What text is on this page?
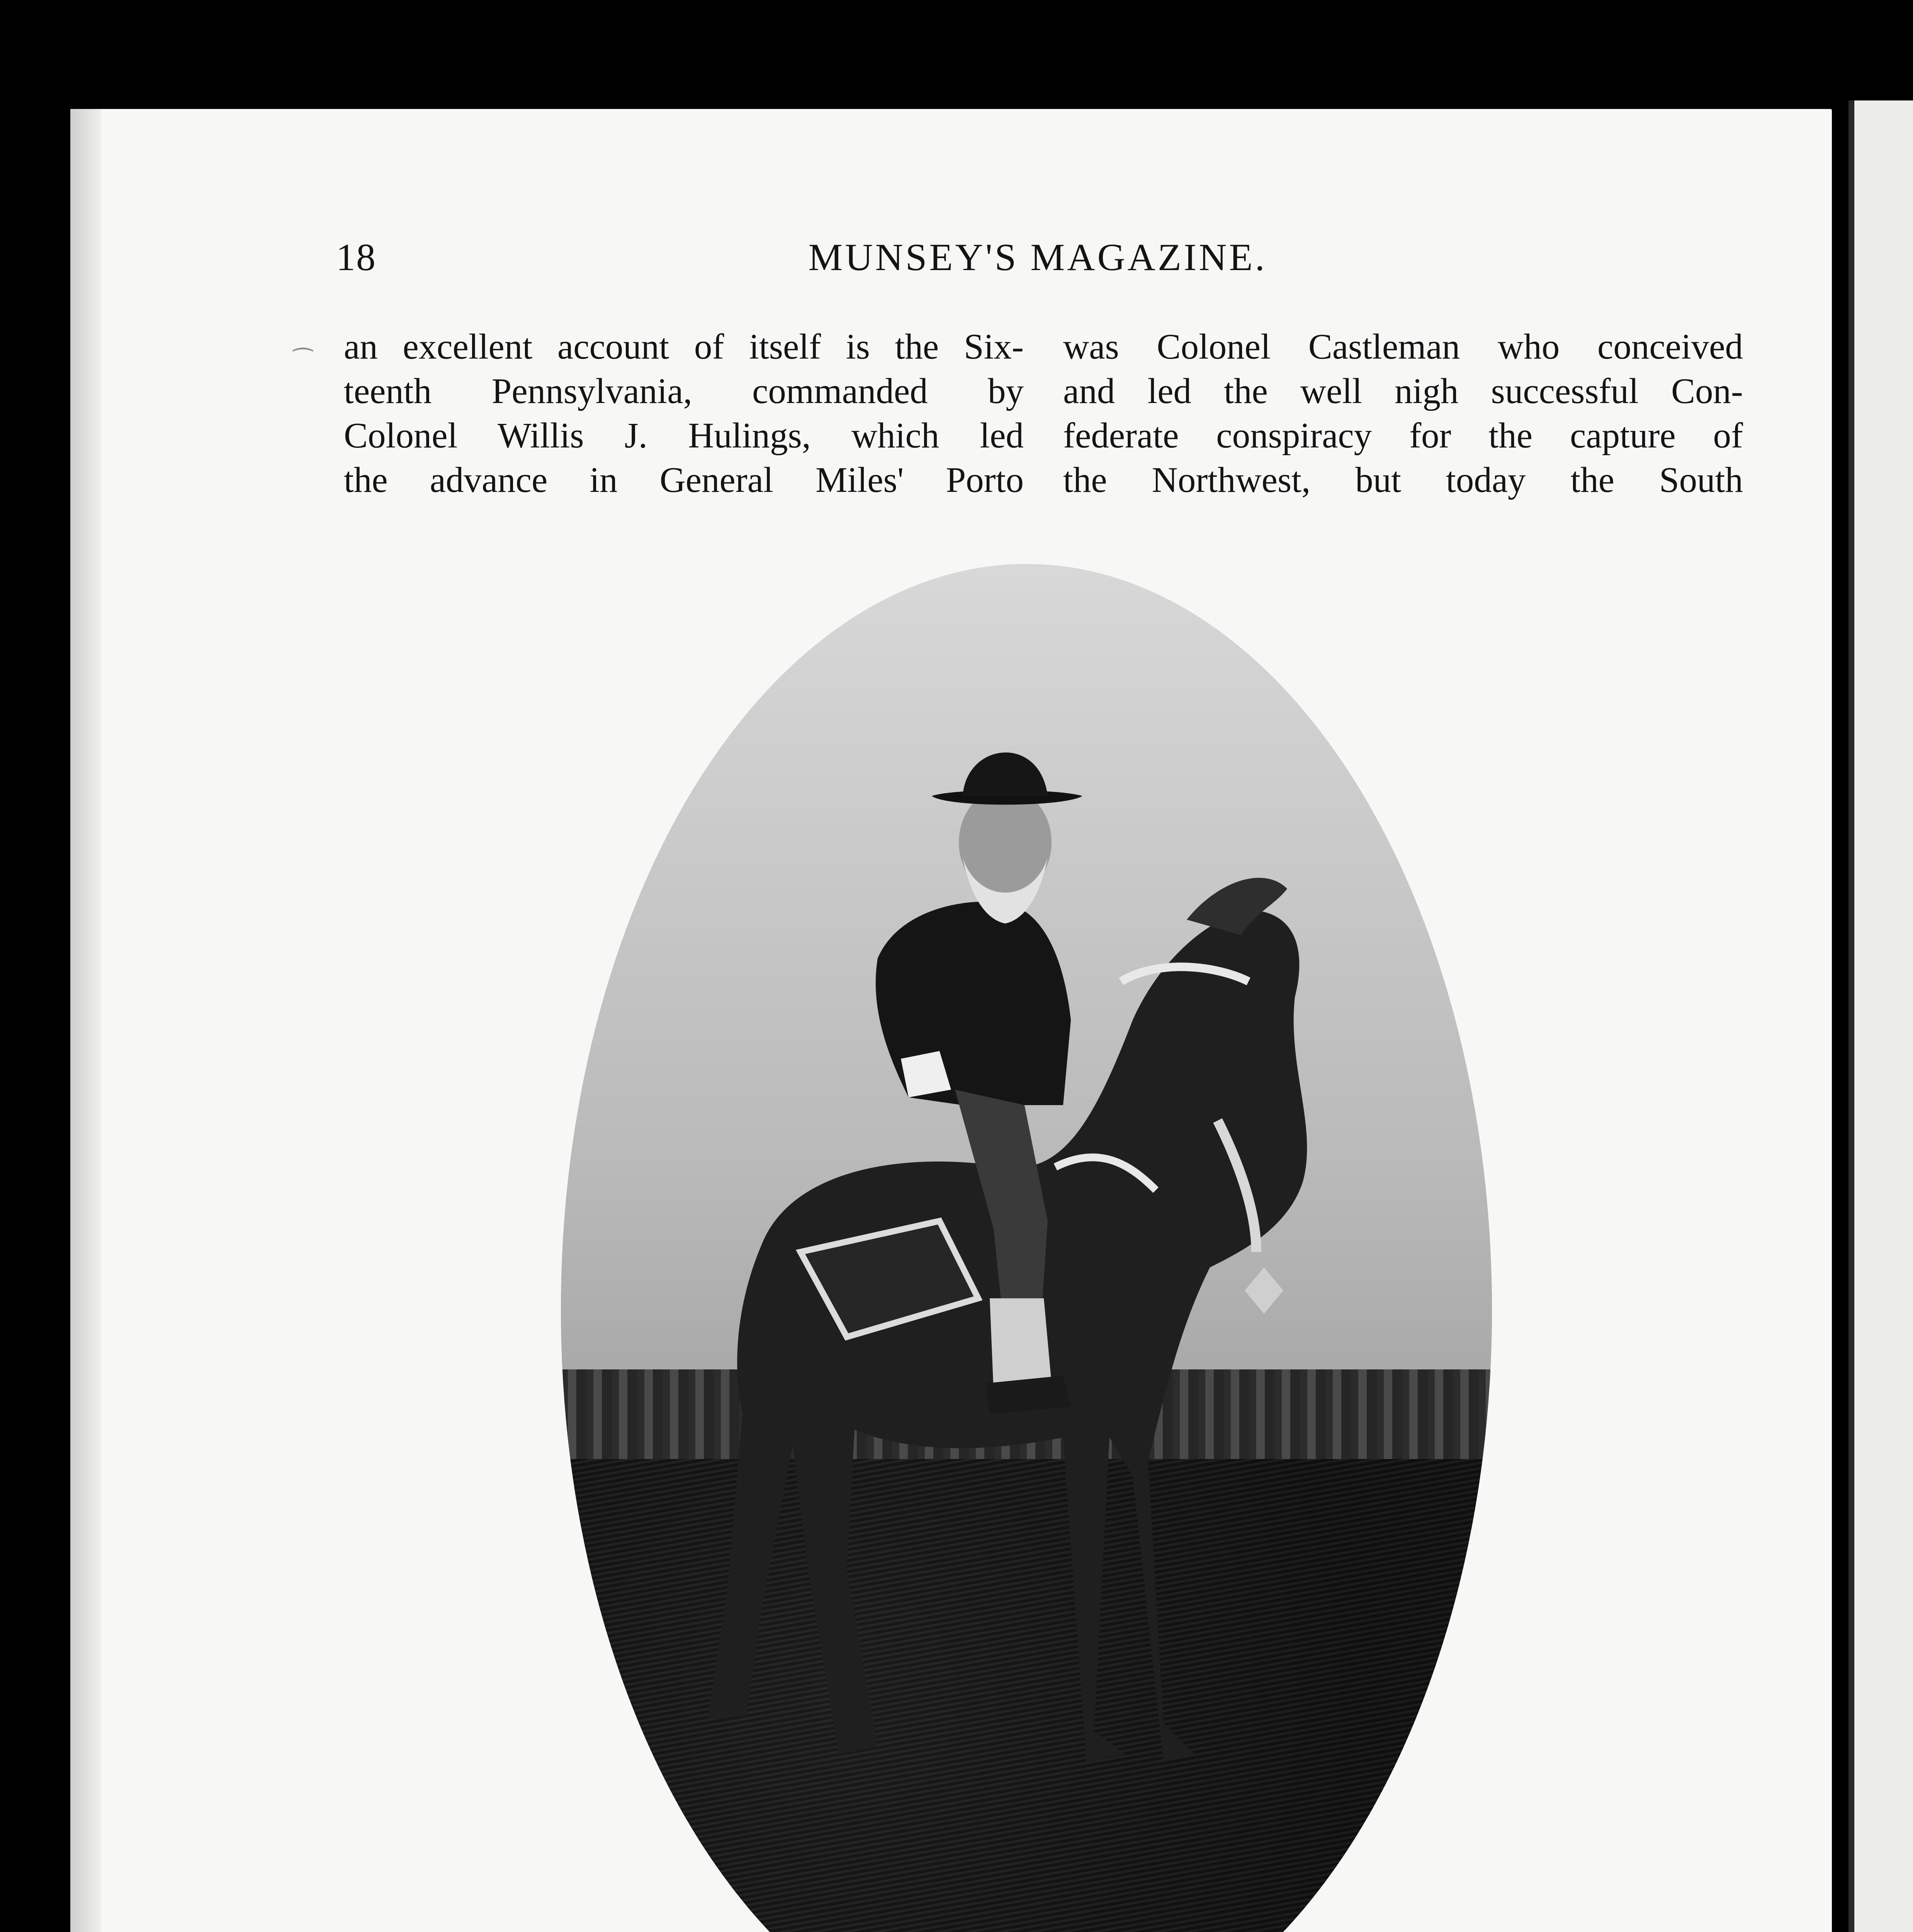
⁀
18	MUNSEY'S MAGAZINE.
an excellent account of itself is the Six-
teenth Pennsylvania, commanded by
Colonel Willis J. Hulings, which led
the advance in General Miles' Porto
was Colonel Castleman who conceived
and led the well nigh successful Con-
federate conspiracy for the capture of
the Northwest, but today the South
